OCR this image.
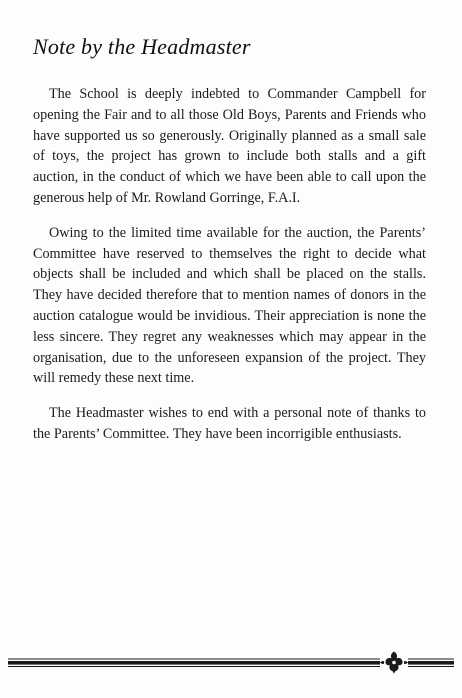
Note by the Headmaster

The School is deeply indebted to Commander Campbell for opening the Fair and to all those Old Boys, Parents and Friends who have supported us so generously. Originally planned as a small sale of toys, the project has grown to include both stalls and a gift auction, in the conduct of which we have been able to call upon the generous help of Mr. Rowland Gorringe, F.A.I.

Owing to the limited time available for the auction, the Parents’ Committee have reserved to themselves the right to decide what objects shall be included and which shall be placed on the stalls. They have decided therefore that to mention names of donors in the auction catalogue would be invidious. Their appreciation is none the less sincere. They regret any weaknesses which may appear in the organisation, due to the unforeseen expansion of the project. They will remedy these next time.

The Headmaster wishes to end with a personal note of thanks to the Parents’ Committee. They have been incorrigible enthusiasts.
